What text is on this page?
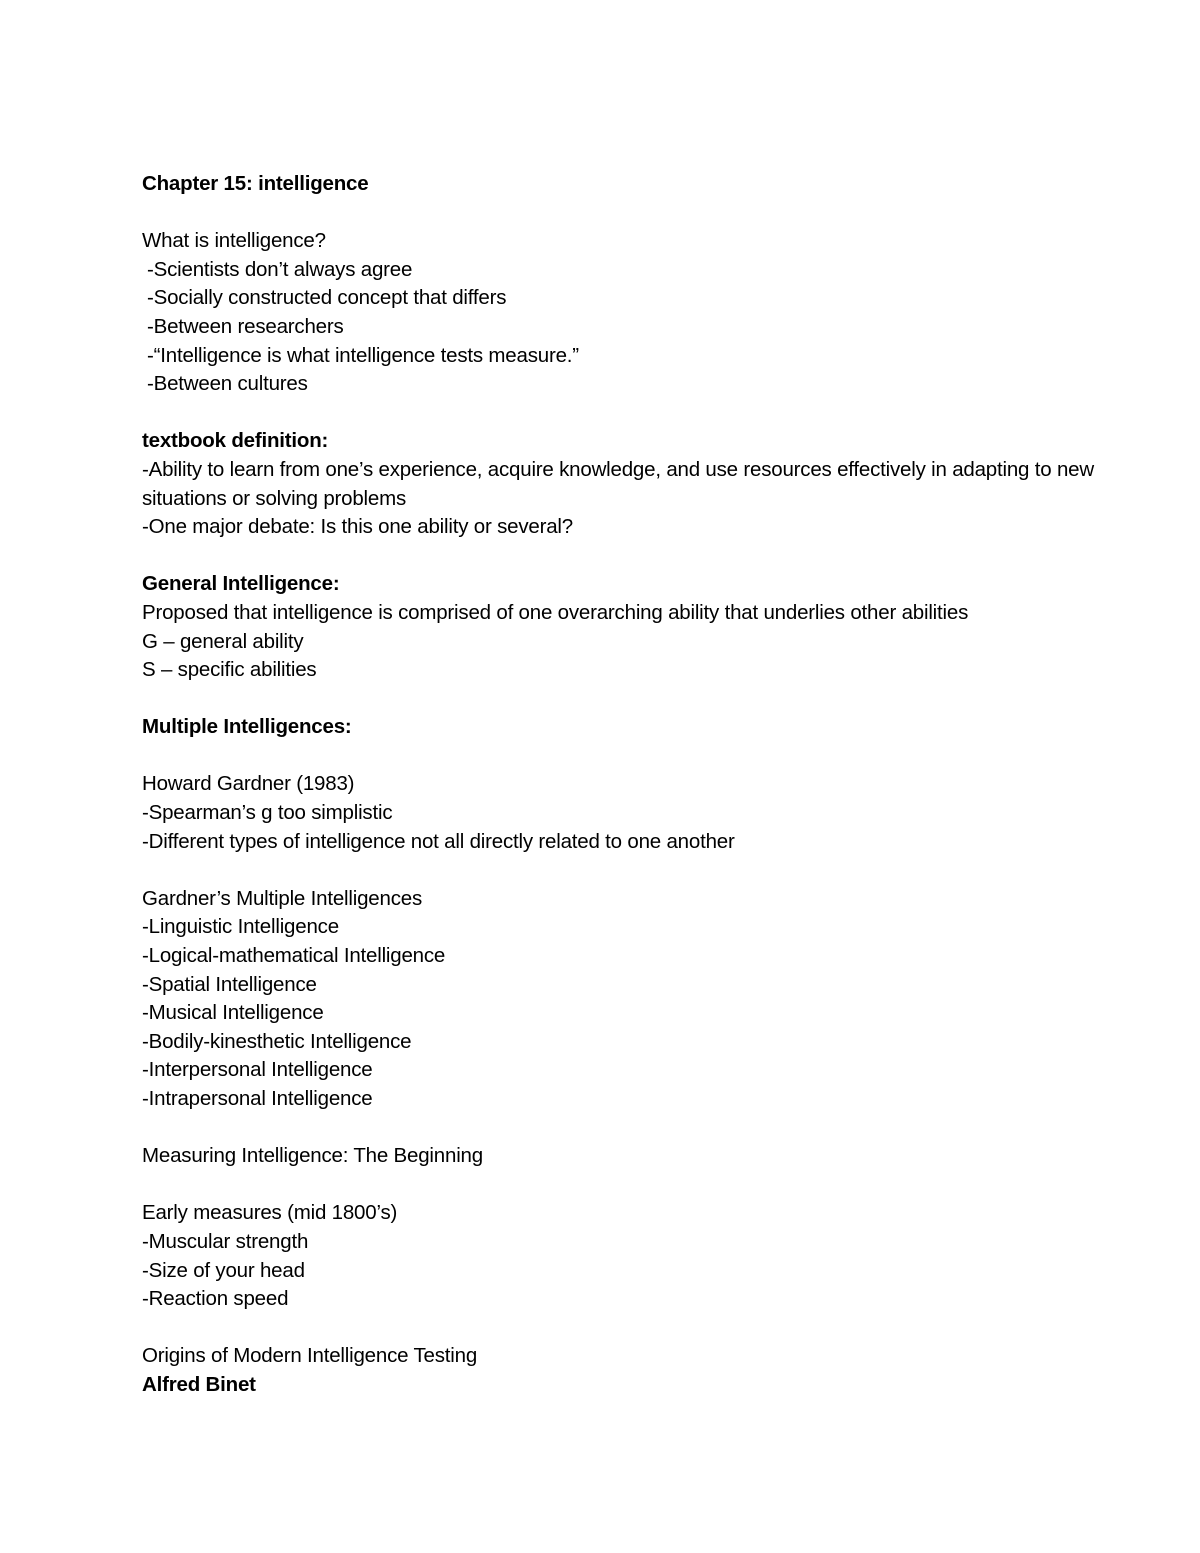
Chapter 15: intelligence
What is intelligence?
-Scientists don’t always agree
-Socially constructed concept that differs
-Between researchers
-“Intelligence is what intelligence tests measure.”
-Between cultures
textbook definition:
-Ability to learn from one’s experience, acquire knowledge, and use resources effectively in adapting to new situations or solving problems
-One major debate: Is this one ability or several?
General Intelligence:
Proposed that intelligence is comprised of one overarching ability that underlies other abilities
G – general ability
S – specific abilities
Multiple Intelligences:
Howard Gardner (1983)
-Spearman’s g too simplistic
-Different types of intelligence not all directly related to one another
Gardner’s Multiple Intelligences
-Linguistic Intelligence
-Logical-mathematical Intelligence
-Spatial Intelligence
-Musical Intelligence
-Bodily-kinesthetic Intelligence
-Interpersonal Intelligence
-Intrapersonal Intelligence
Measuring Intelligence: The Beginning
Early measures (mid 1800’s)
-Muscular strength
-Size of your head
-Reaction speed
Origins of Modern Intelligence Testing
Alfred Binet
